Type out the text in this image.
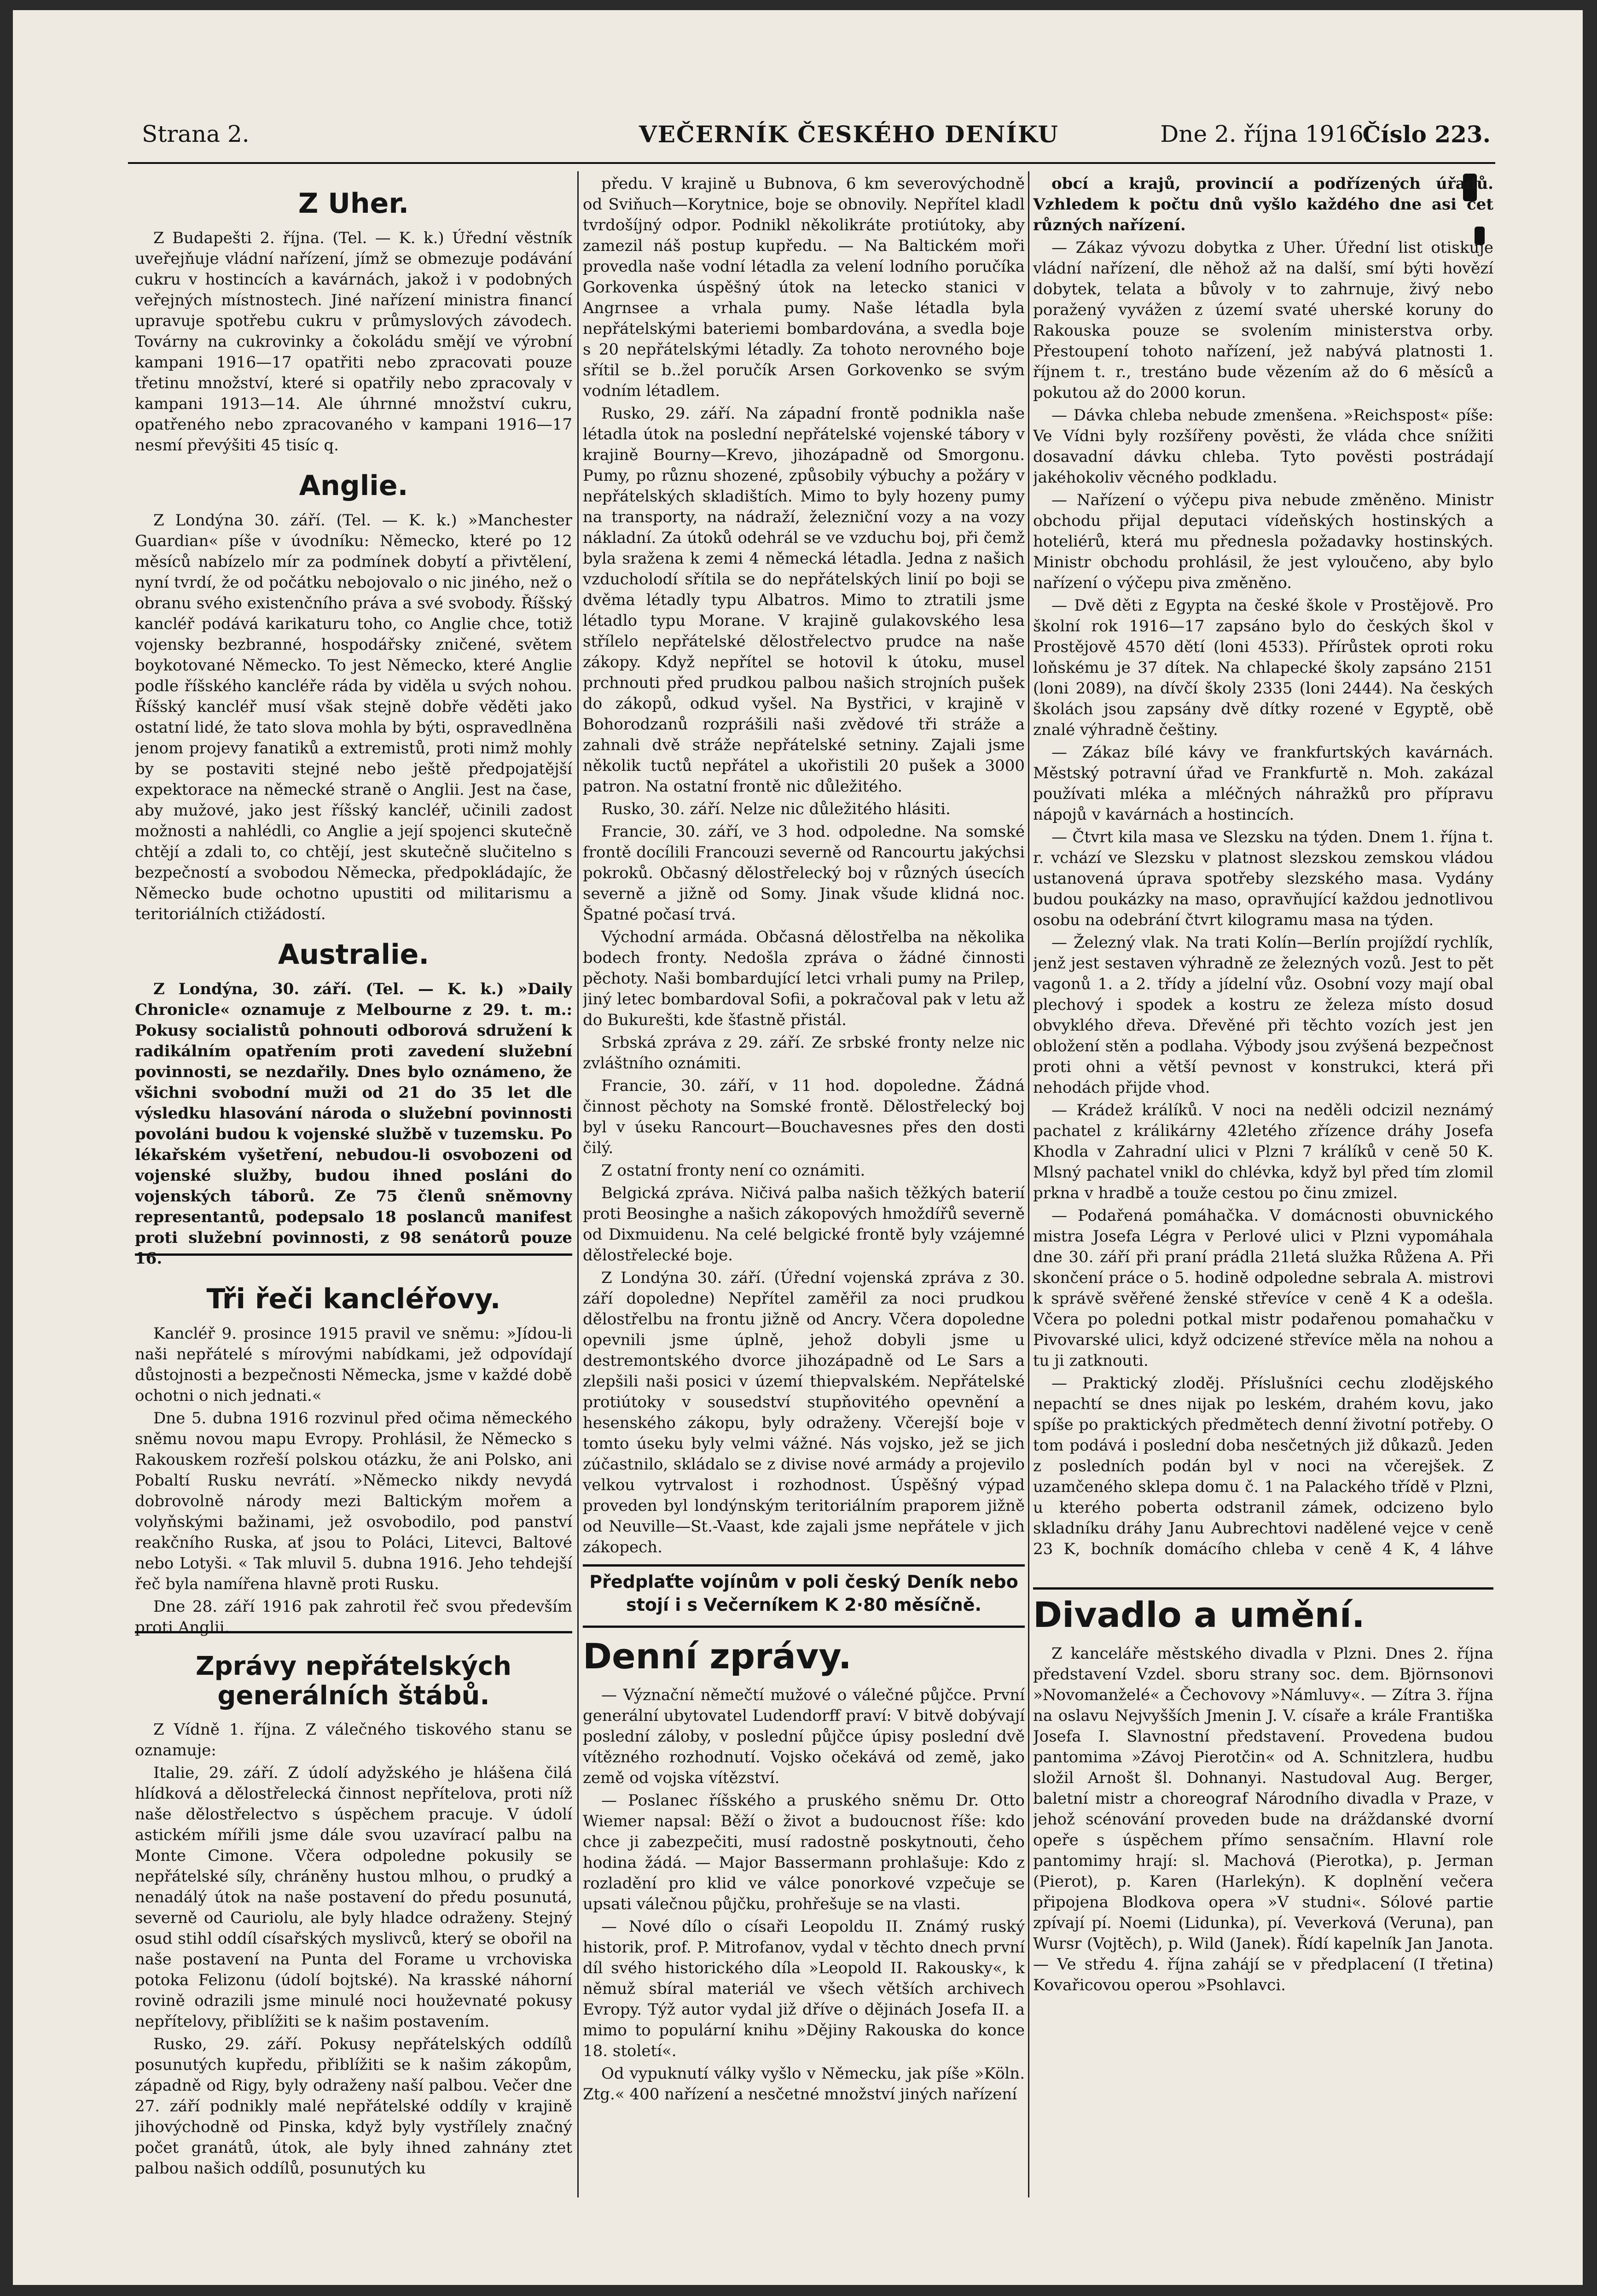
Strana 2.	VEČERNÍK ČESKÉHO DENÍKU	Dne 2. října 1916.
Číslo 223.
Z Uher.

Z Budapešti 2. října. (Tel. — K. k.) Úřední věstník uveřejňuje vládní nařízení, jímž se obmezuje podávání cukru v hostincích a kavárnách, jakož i v podobných veřejných místnostech. Jiné nařízení ministra financí upravuje spotřebu cukru v průmyslových závodech. Továrny na cukrovinky a čokoládu smějí ve výrobní kampani 1916—17 opatřiti nebo zpracovati pouze třetinu množství, které si opatřily nebo zpracovaly v kampani 1913—14. Ale úhrnné množství cukru, opatřeného nebo zpracovaného v kampani 1916—17 nesmí převýšiti 45 tisíc q.

Anglie.

Z Londýna 30. září. (Tel. — K. k.) »Manchester Guardian« píše v úvodníku: Německo, které po 12 měsíců nabízelo mír za podmínek dobytí a přivtělení, nyní tvrdí, že od počátku nebojovalo o nic jiného, než o obranu svého existenčního práva a své svobody. Říšský kancléř podává karikaturu toho, co Anglie chce, totiž vojensky bezbranné, hospodářsky zničené, světem boykotované Německo. To jest Německo, které Anglie podle říšského kancléře ráda by viděla u svých nohou. Říšský kancléř musí však stejně dobře věděti jako ostatní lidé, že tato slova mohla by býti, ospravedlněna jenom projevy fanatiků a extremistů, proti nimž mohly by se postaviti stejné nebo ještě předpojatější expektorace na německé straně o Anglii. Jest na čase, aby mužové, jako jest říšský kancléř, učinili zadost možnosti a nahlédli, co Anglie a její spojenci skutečně chtějí a zdali to, co chtějí, jest skutečně slučitelno s bezpečností a svobodou Německa, předpokládajíc, že Německo bude ochotno upustiti od militarismu a teritoriálních ctižádostí.

Australie.

Z Londýna, 30. září. (Tel. — K. k.) »Daily Chronicle« oznamuje z Melbourne z 29. t. m.: Pokusy socialistů pohnouti odborová sdružení k radikálním opatřením proti zavedení služební povinnosti, se nezdařily. Dnes bylo oznámeno, že všichni svobodní muži od 21 do 35 let dle výsledku hlasování národa o služební povinnosti povoláni budou k vojenské službě v tuzemsku. Po lékařském vyšetření, nebudou-li osvobozeni od vojenské služby, budou ihned posláni do vojenských táborů. Ze 75 členů sněmovny representantů, podepsalo 18 poslanců manifest proti služební povinnosti, z 98 senátorů pouze 16.

Tři řeči kancléřovy.

Kancléř 9. prosince 1915 pravil ve sněmu: »Jídou-li naši nepřátelé s mírovými nabídkami, jež odpovídají důstojnosti a bezpečnosti Německa, jsme v každé době ochotni o nich jednati.«

Dne 5. dubna 1916 rozvinul před očima německého sněmu novou mapu Evropy. Prohlásil, že Německo s Rakouskem rozřeší polskou otázku, že ani Polsko, ani Pobaltí Rusku nevrátí. »Německo nikdy nevydá dobrovolně národy mezi Baltickým mořem a volyňskými bažinami, jež osvobodilo, pod panství reakčního Ruska, ať jsou to Poláci, Litevci, Baltové nebo Lotyši. « Tak mluvil 5. dubna 1916. Jeho tehdejší řeč byla namířena hlavně proti Rusku.

Dne 28. září 1916 pak zahrotil řeč svou především proti Anglii.

Zprávy nepřátelských generálních štábů.

Z Vídně 1. října. Z válečného tiskového stanu se oznamuje:

Italie, 29. září. Z údolí adyžského je hlášena čilá hlídková a dělostřelecká činnost nepřítelova, proti níž naše dělostřelectvo s úspěchem pracuje. V údolí astickém mířili jsme dále svou uzavírací palbu na Monte Cimone. Včera odpoledne pokusily se nepřátelské síly, chráněny hustou mlhou, o prudký a nenadálý útok na naše postavení do předu posunutá, severně od Cauriolu, ale byly hladce odraženy. Stejný osud stihl oddíl císařských myslivců, který se obořil na naše postavení na Punta del Forame u vrchoviska potoka Felizonu (údolí bojtské). Na krasské náhorní rovině odrazili jsme minulé noci houževnaté pokusy nepřítelovy, přiblížiti se k našim postavením.

Rusko, 29. září. Pokusy nepřátelských oddílů posunutých kupředu, přiblížiti se k našim zákopům, západně od Rigy, byly odraženy naší palbou. Večer dne 27. září podnikly malé nepřátelské oddíly v krajině jihovýchodně od Pinska, když byly vystřílely značný počet granátů, útok, ale byly ihned zahnány ztet palbou našich oddílů, posunutých ku

předu. V krajině u Bubnova, 6 km severovýchodně od Sviňuch—Korytnice, boje se obnovily. Nepřítel kladl tvrdošíjný odpor. Podnikl několikráte protiútoky, aby zamezil náš postup kupředu. — Na Baltickém moři provedla naše vodní létadla za velení lodního poručíka Gorkovenka úspěšný útok na letecko stanici v Angrnsee a vrhala pumy. Naše létadla byla nepřátelskými bateriemi bombardována, a svedla boje s 20 nepřátelskými létadly. Za tohoto nerovného boje sřítil se b..žel poručík Arsen Gorkovenko se svým vodním létadlem.

Rusko, 29. září. Na západní frontě podnikla naše létadla útok na poslední nepřátelské vojenské tábory v krajině Bourny—Krevo, jihozápadně od Smorgonu. Pumy, po různu shozené, způsobily výbuchy a požáry v nepřátelských skladištích. Mimo to byly hozeny pumy na transporty, na nádraží, železniční vozy a na vozy nákladní. Za útoků odehrál se ve vzduchu boj, při čemž byla sražena k zemi 4 německá létadla. Jedna z našich vzducholodí sřítila se do nepřátelských linií po boji se dvěma létadly typu Albatros. Mimo to ztratili jsme létadlo typu Morane. V krajině gulakovského lesa střílelo nepřátelské dělostřelectvo prudce na naše zákopy. Když nepřítel se hotovil k útoku, musel prchnouti před prudkou palbou našich strojních pušek do zákopů, odkud vyšel. Na Bystřici, v krajině v Bohorodzanů rozprášili naši zvědové tři stráže a zahnali dvě stráže nepřátelské setniny. Zajali jsme několik tuctů nepřátel a ukořistili 20 pušek a 3000 patron. Na ostatní frontě nic důležitého.

Rusko, 30. září. Nelze nic důležitého hlásiti.

Francie, 30. září, ve 3 hod. odpoledne. Na somské frontě docílili Francouzi severně od Rancourtu jakýchsi pokroků. Občasný dělostřelecký boj v různých úsecích severně a jižně od Somy. Jinak všude klidná noc. Špatné počasí trvá.

Východní armáda. Občasná dělostřelba na několika bodech fronty. Nedošla zpráva o žádné činnosti pěchoty. Naši bombardující letci vrhali pumy na Prilep, jiný letec bombardoval Sofii, a pokračoval pak v letu až do Bukurešti, kde šťastně přistál.

Srbská zpráva z 29. září. Ze srbské fronty nelze nic zvláštního oznámiti.

Francie, 30. září, v 11 hod. dopoledne. Žádná činnost pěchoty na Somské frontě. Dělostřelecký boj byl v úseku Rancourt—Bouchavesnes přes den dosti čilý.

Z ostatní fronty není co oznámiti.

Belgická zpráva. Ničivá palba našich těžkých baterií proti Beosinghe a našich zákopových hmoždířů severně od Dixmuidenu. Na celé belgické frontě byly vzájemné dělostřelecké boje.

Z Londýna 30. září. (Úřední vojenská zpráva z 30. září dopoledne) Nepřítel zaměřil za noci prudkou dělostřelbu na frontu jižně od Ancry. Včera dopoledne opevnili jsme úplně, jehož dobyli jsme u destremontského dvorce jihozápadně od Le Sars a zlepšili naši posici v území thiepvalském. Nepřátelské protiútoky v sousedství stupňovitého opevnění a hesenského zákopu, byly odraženy. Včerejší boje v tomto úseku byly velmi vážné. Nás vojsko, jež se jich zúčastnilo, skládalo se z divise nové armády a projevilo velkou vytrvalost i rozhodnost. Úspěšný výpad proveden byl londýnským teritoriálním praporem jižně od Neuville—St.-Vaast, kde zajali jsme nepřátele v jich zákopech.

Předplaťte vojínům v poli český Deník nebo stojí i s Večerníkem K 2·80 měsíčně.
Denní zprávy.

— Význační němečtí mužové o válečné půjčce. První generální ubytovatel Ludendorff praví: V bitvě dobývají poslední záloby, v poslední půjčce úpisy poslední dvě vítězného rozhodnutí. Vojsko očekává od země, jako země od vojska vítězství.

— Poslanec říšského a pruského sněmu Dr. Otto Wiemer napsal: Běží o život a budoucnost říše: kdo chce ji zabezpečiti, musí radostně poskytnouti, čeho hodina žádá. — Major Bassermann prohlašuje: Kdo z rozladění pro klid ve válce ponorkové vzpečuje se upsati válečnou půjčku, prohřešuje se na vlasti.

— Nové dílo o císaři Leopoldu II. Známý ruský historik, prof. P. Mitrofanov, vydal v těchto dnech první díl svého historického díla »Leopold II. Rakousky«, k němuž sbíral materiál ve všech větších archivech Evropy. Týž autor vydal již dříve o dějinách Josefa II. a mimo to populární knihu »Dějiny Rakouska do konce 18. století«.

Od vypuknutí války vyšlo v Německu, jak píše »Köln. Ztg.« 400 nařízení a nesčetné množství jiných nařízení

obcí a krajů, provincií a podřízených úřadů. Vzhledem k počtu dnů vyšlo každého dne asi cet různých nařízení.

— Zákaz vývozu dobytka z Uher. Úřední list otiskuje vládní nařízení, dle něhož až na další, smí býti hovězí dobytek, telata a bůvoly v to zahrnuje, živý nebo poražený vyvážen z území svaté uherské koruny do Rakouska pouze se svolením ministerstva orby. Přestoupení tohoto nařízení, jež nabývá platnosti 1. říjnem t. r., trestáno bude vězením až do 6 měsíců a pokutou až do 2000 korun.

— Dávka chleba nebude zmenšena. »Reichspost« píše: Ve Vídni byly rozšířeny pověsti, že vláda chce snížiti dosavadní dávku chleba. Tyto pověsti postrádají jakéhokoliv věcného podkladu.

— Nařízení o výčepu piva nebude změněno. Ministr obchodu přijal deputaci vídeňských hostinských a hoteliérů, která mu přednesla požadavky hostinských. Ministr obchodu prohlásil, že jest vyloučeno, aby bylo nařízení o výčepu piva změněno.

— Dvě děti z Egypta na české škole v Prostějově. Pro školní rok 1916—17 zapsáno bylo do českých škol v Prostějově 4570 dětí (loni 4533). Přírůstek oproti roku loňskému je 37 dítek. Na chlapecké školy zapsáno 2151 (loni 2089), na dívčí školy 2335 (loni 2444). Na českých školách jsou zapsány dvě dítky rozené v Egyptě, obě znalé výhradně češtiny.

— Zákaz bílé kávy ve frankfurtských kavárnách. Městský potravní úřad ve Frankfurtě n. Moh. zakázal používati mléka a mléčných náhražků pro přípravu nápojů v kavárnách a hostincích.

— Čtvrt kila masa ve Slezsku na týden. Dnem 1. října t. r. vchází ve Slezsku v platnost slezskou zemskou vládou ustanovená úprava spotřeby slezského masa. Vydány budou poukázky na maso, opravňující každou jednotlivou osobu na odebrání čtvrt kilogramu masa na týden.

— Železný vlak. Na trati Kolín—Berlín projíždí rychlík, jenž jest sestaven výhradně ze železných vozů. Jest to pět vagonů 1. a 2. třídy a jídelní vůz. Osobní vozy mají obal plechový i spodek a kostru ze železa místo dosud obvyklého dřeva. Dřevěné při těchto vozích jest jen obložení stěn a podlaha. Výbody jsou zvýšená bezpečnost proti ohni a větší pevnost v konstrukci, která při nehodách přijde vhod.

— Krádež králíků. V noci na neděli odcizil neznámý pachatel z králikárny 42letého zřízence dráhy Josefa Khodla v Zahradní ulici v Plzni 7 králíků v ceně 50 K. Mlsný pachatel vnikl do chlévka, když byl před tím zlomil prkna v hradbě a touže cestou po činu zmizel.

— Podařená pomáhačka. V domácnosti obuvnického mistra Josefa Légra v Perlové ulici v Plzni vypomáhala dne 30. září při praní prádla 21letá služka Růžena A. Při skončení práce o 5. hodině odpoledne sebrala A. mistrovi k správě svěřené ženské střevíce v ceně 4 K a odešla. Včera po poledni potkal mistr podařenou pomahačku v Pivovarské ulici, když odcizené střevíce měla na nohou a tu ji zatknouti.

— Praktický zloděj. Příslušníci cechu zlodějského nepachtí se dnes nijak po leském, drahém kovu, jako spíše po praktických předmětech denní životní potřeby. O tom podává i poslední doba nesčetných již důkazů. Jeden z posledních podán byl v noci na včerejšek. Z uzamčeného sklepa domu č. 1 na Palackého třídě v Plzni, u kterého poberta odstranil zámek, odcizeno bylo skladníku dráhy Janu Aubrechtovi nadělené vejce v ceně 23 K, bochník domácího chleba v ceně 4 K, 4 láhve

Divadlo a umění.

Z kanceláře městského divadla v Plzni. Dnes 2. října představení Vzdel. sboru strany soc. dem. Björnsonovi »Novomanželé« a Čechovovy »Námluvy«. — Zítra 3. října na oslavu Nejvyšších Jmenin J. V. císaře a krále Františka Josefa I. Slavnostní představení. Provedena budou pantomima »Závoj Pierotčin« od A. Schnitzlera, hudbu složil Arnošt šl. Dohnanyi. Nastudoval Aug. Berger, baletní mistr a choreograf Národního divadla v Praze, v jehož scénování proveden bude na dráždanské dvorní opeře s úspěchem přímo sensačním. Hlavní role pantomimy hrají: sl. Machová (Pierotka), p. Jerman (Pierot), p. Karen (Harlekýn). K doplnění večera připojena Blodkova opera »V studni«. Sólové partie zpívají pí. Noemi (Lidunka), pí. Veverková (Veruna), pan Wursr (Vojtěch), p. Wild (Janek). Řídí kapelník Jan Janota. — Ve středu 4. října zahájí se v předplacení (I třetina) Kovařicovou operou »Psohlavci.
